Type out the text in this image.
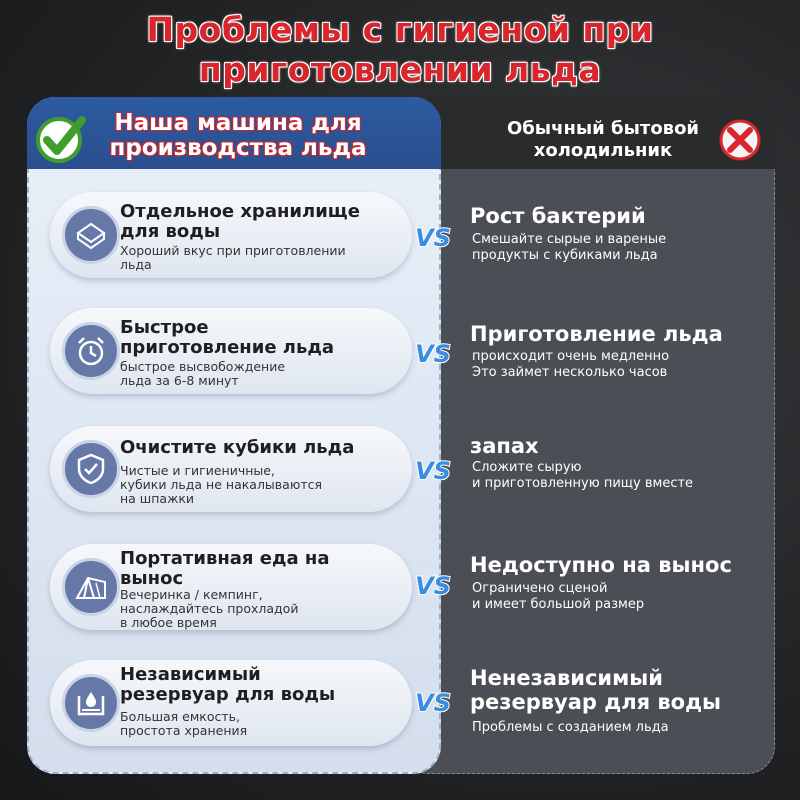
Проблемы с гигиеной при
приготовлении льда
Обычный бытовой
холодильник
Наша машина для
производства льда
Отдельное хранилище
для воды
Хороший вкус при приготовлении
льда
Быстрое
приготовление льда
быстрое высвобождение
льда за 6-8 минут
Очистите кубики льда
Чистые и гигиеничные,
кубики льда не накалываются
на шпажки
Портативная еда на
вынос
Вечеринка / кемпинг,
наслаждайтесь прохладой
в любое время
Независимый
резервуар для воды
Большая емкость,
простота хранения
VS
VS
VS
VS
VS
Рост бактерий
Смешайте сырые и вареные
продукты с кубиками льда
Приготовление льда
происходит очень медленно
Это займет несколько часов
запах
Сложите сырую
и приготовленную пищу вместе
Недоступно на вынос
Ограничено сценой
и имеет большой размер
Ненезависимый
резервуар для воды
Проблемы с созданием льда
